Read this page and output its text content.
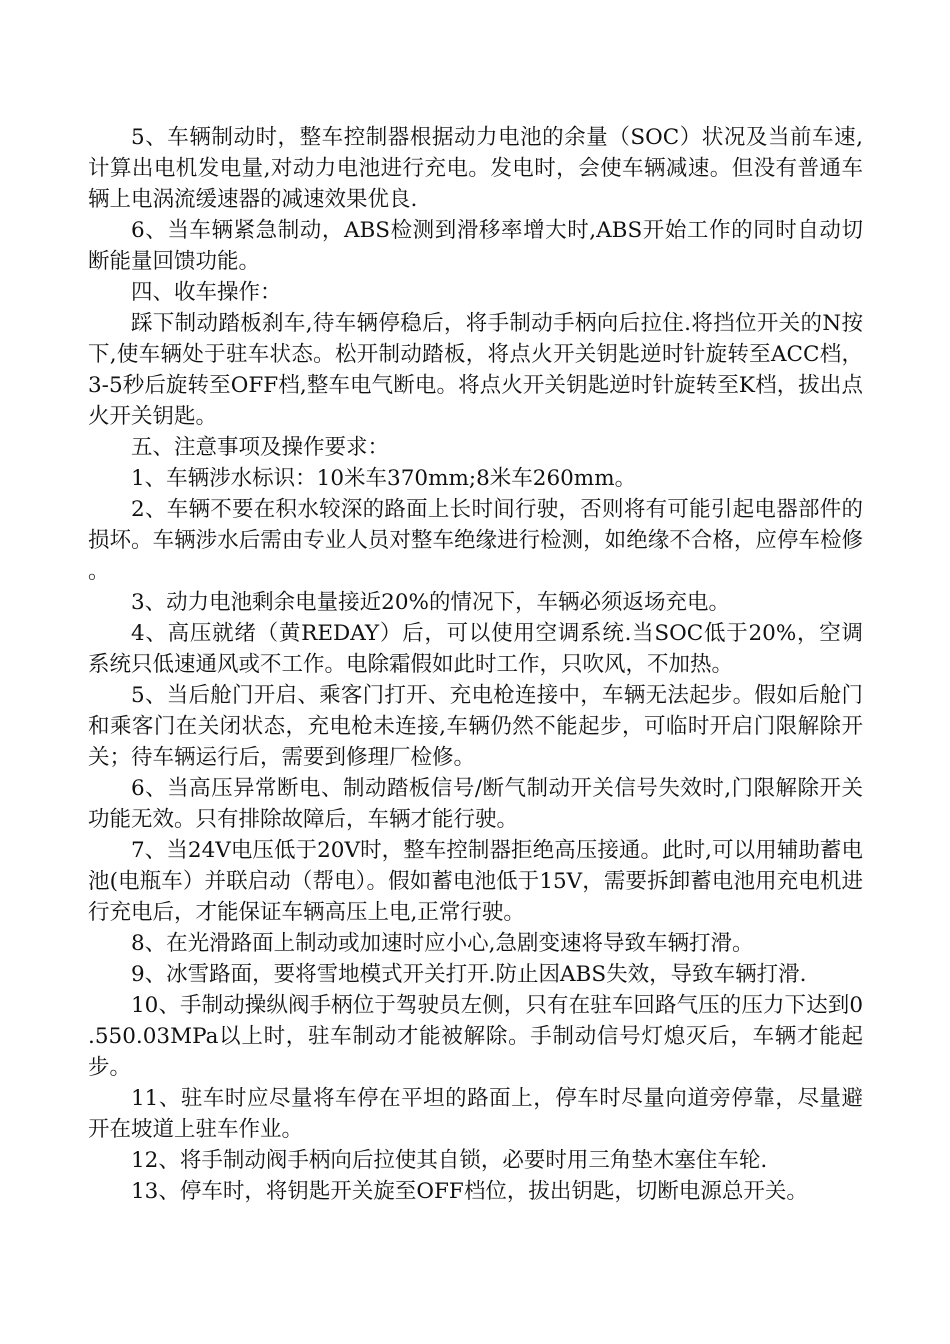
5、车辆制动时，整车控制器根据动力电池的余量（SOC）状况及当前车速,计算出电机发电量,对动力电池进行充电。发电时，会使车辆减速。但没有普通车辆上电涡流缓速器的减速效果优良.

6、当车辆紧急制动，ABS检测到滑移率增大时,ABS开始工作的同时自动切断能量回馈功能。

四、收车操作：

踩下制动踏板刹车,待车辆停稳后，将手制动手柄向后拉住.将挡位开关的N按下,使车辆处于驻车状态。松开制动踏板，将点火开关钥匙逆时针旋转至ACC档，3-5秒后旋转至OFF档,整车电气断电。将点火开关钥匙逆时针旋转至K档，拔出点火开关钥匙。

五、注意事项及操作要求：

1、车辆涉水标识：10米车370mm;8米车260mm。

2、车辆不要在积水较深的路面上长时间行驶，否则将有可能引起电器部件的损坏。车辆涉水后需由专业人员对整车绝缘进行检测，如绝缘不合格，应停车检修。

3、动力电池剩余电量接近20%的情况下，车辆必须返场充电。

4、高压就绪（黄REDAY）后，可以使用空调系统.当SOC低于20%，空调系统只低速通风或不工作。电除霜假如此时工作，只吹风，不加热。

5、当后舱门开启、乘客门打开、充电枪连接中，车辆无法起步。假如后舱门和乘客门在关闭状态，充电枪未连接,车辆仍然不能起步，可临时开启门限解除开关；待车辆运行后，需要到修理厂检修。

6、当高压异常断电、制动踏板信号/断气制动开关信号失效时,门限解除开关功能无效。只有排除故障后，车辆才能行驶。

7、当24V电压低于20V时，整车控制器拒绝高压接通。此时,可以用辅助蓄电池(电瓶车）并联启动（帮电）。假如蓄电池低于15V，需要拆卸蓄电池用充电机进行充电后，才能保证车辆高压上电,正常行驶。

8、在光滑路面上制动或加速时应小心,急剧变速将导致车辆打滑。

9、冰雪路面，要将雪地模式开关打开.防止因ABS失效，导致车辆打滑.

10、手制动操纵阀手柄位于驾驶员左侧，只有在驻车回路气压的压力下达到0.550.03MPa以上时，驻车制动才能被解除。手制动信号灯熄灭后，车辆才能起步。

11、驻车时应尽量将车停在平坦的路面上，停车时尽量向道旁停靠，尽量避开在坡道上驻车作业。

12、将手制动阀手柄向后拉使其自锁，必要时用三角垫木塞住车轮.

13、停车时，将钥匙开关旋至OFF档位，拔出钥匙，切断电源总开关。
